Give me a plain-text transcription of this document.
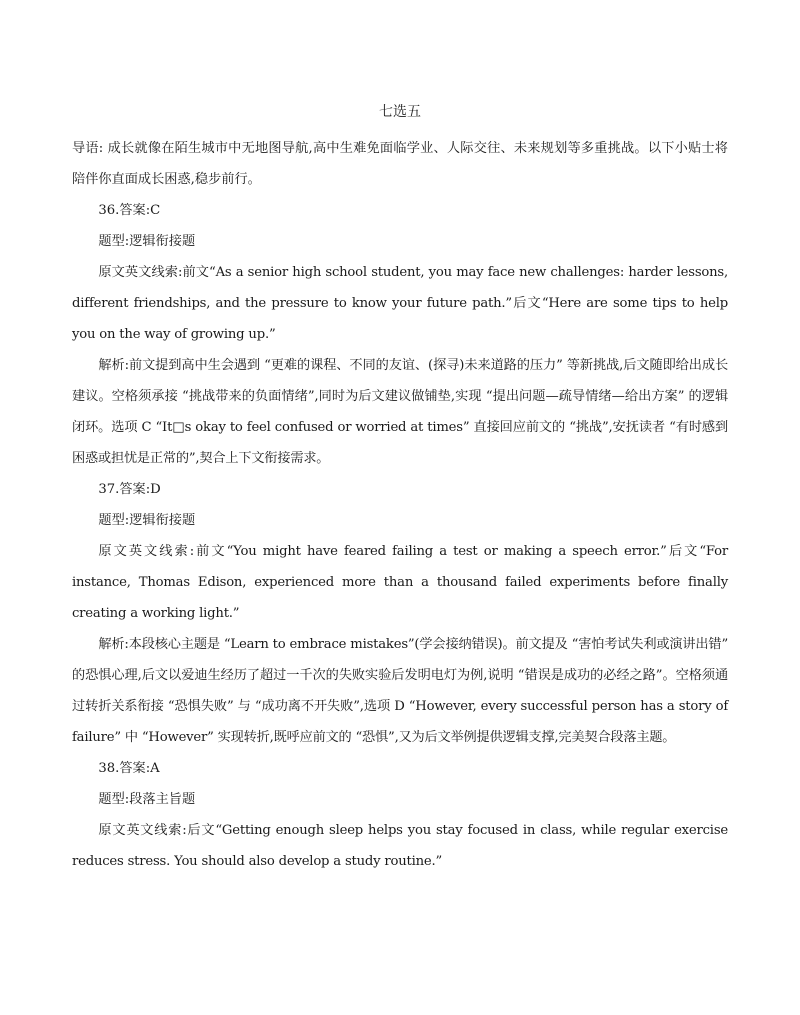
七选五

导语: 成长就像在陌生城市中无地图导航,高中生难免面临学业、人际交往、未来规划等多重挑战。以下小贴士将陪伴你直面成长困惑,稳步前行。

36.答案:C

题型:逻辑衔接题

原文英文线索:前文“As a senior high school student, you may face new challenges: harder lessons, different friendships, and the pressure to know your future path.”后文“Here are some tips to help you on the way of growing up.”

解析:前文提到高中生会遇到 “更难的课程、不同的友谊、(探寻)未来道路的压力” 等新挑战,后文随即给出成长建议。空格须承接 “挑战带来的负面情绪”,同时为后文建议做铺垫,实现 “提出问题—疏导情绪—给出方案” 的逻辑闭环。选项 C “It□s okay to feel confused or worried at times” 直接回应前文的 “挑战”,安抚读者 “有时感到困惑或担忧是正常的”,契合上下文衔接需求。

37.答案:D

题型:逻辑衔接题

原文英文线索:前文“You might have feared failing a test or making a speech error.”后文“For instance, Thomas Edison, experienced more than a thousand failed experiments before finally creating a working light.”

解析:本段核心主题是 “Learn to embrace mistakes”(学会接纳错误)。前文提及 “害怕考试失利或演讲出错” 的恐惧心理,后文以爱迪生经历了超过一千次的失败实验后发明电灯为例,说明 “错误是成功的必经之路”。空格须通过转折关系衔接 “恐惧失败” 与 “成功离不开失败”,选项 D “However, every successful person has a story of failure” 中 “However” 实现转折,既呼应前文的 “恐惧”,又为后文举例提供逻辑支撑,完美契合段落主题。

38.答案:A

题型:段落主旨题

原文英文线索:后文“Getting enough sleep helps you stay focused in class, while regular exercise reduces stress. You should also develop a study routine.”
